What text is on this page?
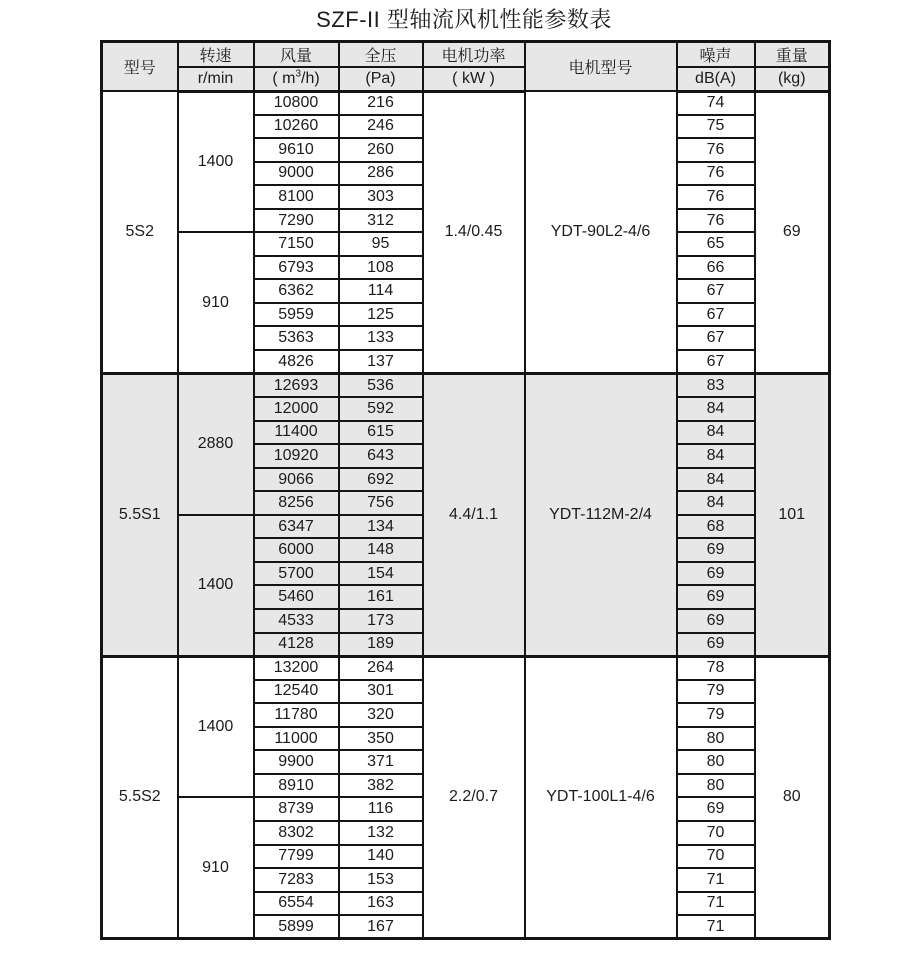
SZF-II 型轴流风机性能参数表
型号	转速	风量	全压	电机功率	电机型号	噪声	重量
	r/min	( $m^3/h$)	(Pa)	( kW )		dB(A)	(kg)
5S2	1400	10800	216	1.4/0.45	YDT-90L2-4/6	74	69
		10260	246			75	
		9610	260			76	
		9000	286			76	
		8100	303			76	
		7290	312			76	
	910	7150	95			65	
		6793	108			66	
		6362	114			67	
		5959	125			67	
		5363	133			67	
		4826	137			67	
5.5S1	2880	12693	536	4.4/1.1	YDT-112M-2/4	83	101
		12000	592			84	
		11400	615			84	
		10920	643			84	
		9066	692			84	
		8256	756			84	
	1400	6347	134			68	
		6000	148			69	
		5700	154			69	
		5460	161			69	
		4533	173			69	
		4128	189			69	
5.5S2	1400	13200	264	2.2/0.7	YDT-100L1-4/6	78	80
		12540	301			79	
		11780	320			79	
		11000	350			80	
		9900	371			80	
		8910	382			80	
	910	8739	116			69	
		8302	132			70	
		7799	140			70	
		7283	153			71	
		6554	163			71	
		5899	167			71	
